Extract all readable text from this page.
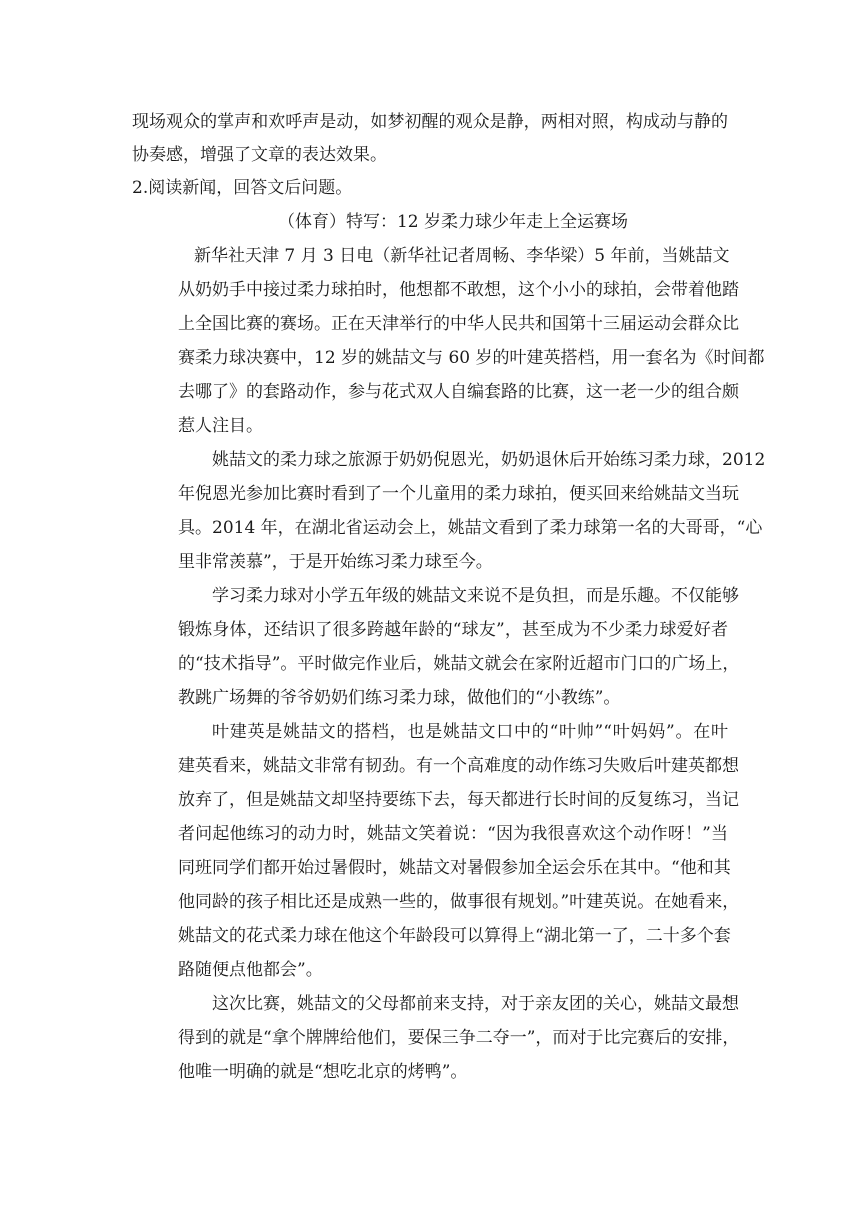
现场观众的掌声和欢呼声是动，如梦初醒的观众是静，两相对照，构成动与静的
协奏感，增强了文章的表达效果。
2.阅读新闻，回答文后问题。
（体育）特写：12 岁柔力球少年走上全运赛场
新华社天津 7 月 3 日电（新华社记者周畅、李华梁）5 年前，当姚喆文
从奶奶手中接过柔力球拍时，他想都不敢想，这个小小的球拍，会带着他踏
上全国比赛的赛场。正在天津举行的中华人民共和国第十三届运动会群众比
赛柔力球决赛中，12 岁的姚喆文与 60 岁的叶建英搭档，用一套名为《时间都
去哪了》的套路动作，参与花式双人自编套路的比赛，这一老一少的组合颇
惹人注目。
姚喆文的柔力球之旅源于奶奶倪恩光，奶奶退休后开始练习柔力球，2012
年倪恩光参加比赛时看到了一个儿童用的柔力球拍，便买回来给姚喆文当玩
具。2014 年，在湖北省运动会上，姚喆文看到了柔力球第一名的大哥哥，“心
里非常羡慕”，于是开始练习柔力球至今。
学习柔力球对小学五年级的姚喆文来说不是负担，而是乐趣。不仅能够
锻炼身体，还结识了很多跨越年龄的“球友”，甚至成为不少柔力球爱好者
的“技术指导”。平时做完作业后，姚喆文就会在家附近超市门口的广场上，
教跳广场舞的爷爷奶奶们练习柔力球，做他们的“小教练”。
叶建英是姚喆文的搭档，也是姚喆文口中的“叶帅”“叶妈妈”。在叶
建英看来，姚喆文非常有韧劲。有一个高难度的动作练习失败后叶建英都想
放弃了，但是姚喆文却坚持要练下去，每天都进行长时间的反复练习，当记
者问起他练习的动力时，姚喆文笑着说：“因为我很喜欢这个动作呀！”当
同班同学们都开始过暑假时，姚喆文对暑假参加全运会乐在其中。“他和其
他同龄的孩子相比还是成熟一些的，做事很有规划。”叶建英说。在她看来，
姚喆文的花式柔力球在他这个年龄段可以算得上“湖北第一了，二十多个套
路随便点他都会”。
这次比赛，姚喆文的父母都前来支持，对于亲友团的关心，姚喆文最想
得到的就是“拿个牌牌给他们，要保三争二夺一”，而对于比完赛后的安排，
他唯一明确的就是“想吃北京的烤鸭”。
